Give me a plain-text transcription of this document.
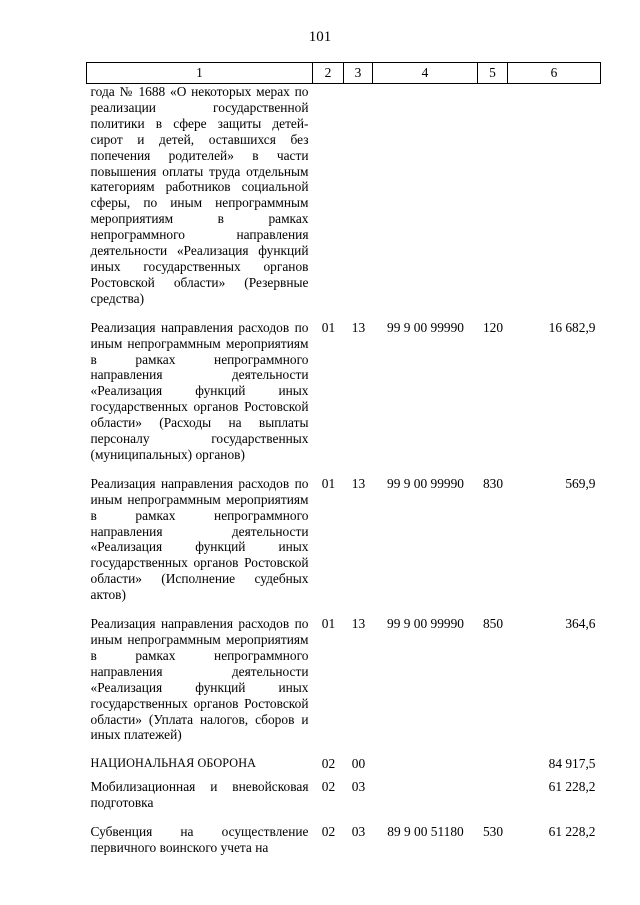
101
1	2	3	4	5	6
года № 1688 «О некоторых мерах по реализации государственной политики в сфере защиты детей-сирот и детей, оставшихся без попечения родителей» в части повышения оплаты труда отдельным категориям работников социальной сферы, по иным непрограммным мероприятиям в рамках непрограммного направления деятельности «Реализация функций иных государственных органов Ростовской области» (Резервные средства)					
Реализация направления расходов по иным непрограммным мероприятиям в рамках непрограммного направления деятельности «Реализация функций иных государственных органов Ростовской области» (Расходы на выплаты персоналу государственных (муниципальных) органов)	01	13	99 9 00 99990	120	16 682,9
Реализация направления расходов по иным непрограммным мероприятиям в рамках непрограммного направления деятельности «Реализация функций иных государственных органов Ростовской области» (Исполнение судебных актов)	01	13	99 9 00 99990	830	569,9
Реализация направления расходов по иным непрограммным мероприятиям в рамках непрограммного направления деятельности «Реализация функций иных государственных органов Ростовской области» (Уплата налогов, сборов и иных платежей)	01	13	99 9 00 99990	850	364,6
НАЦИОНАЛЬНАЯ ОБОРОНА	02	00			84 917,5
Мобилизационная и вневойсковая подготовка	02	03			61 228,2
Субвенция на осуществление первичного воинского учета на	02	03	89 9 00 51180	530	61 228,2
